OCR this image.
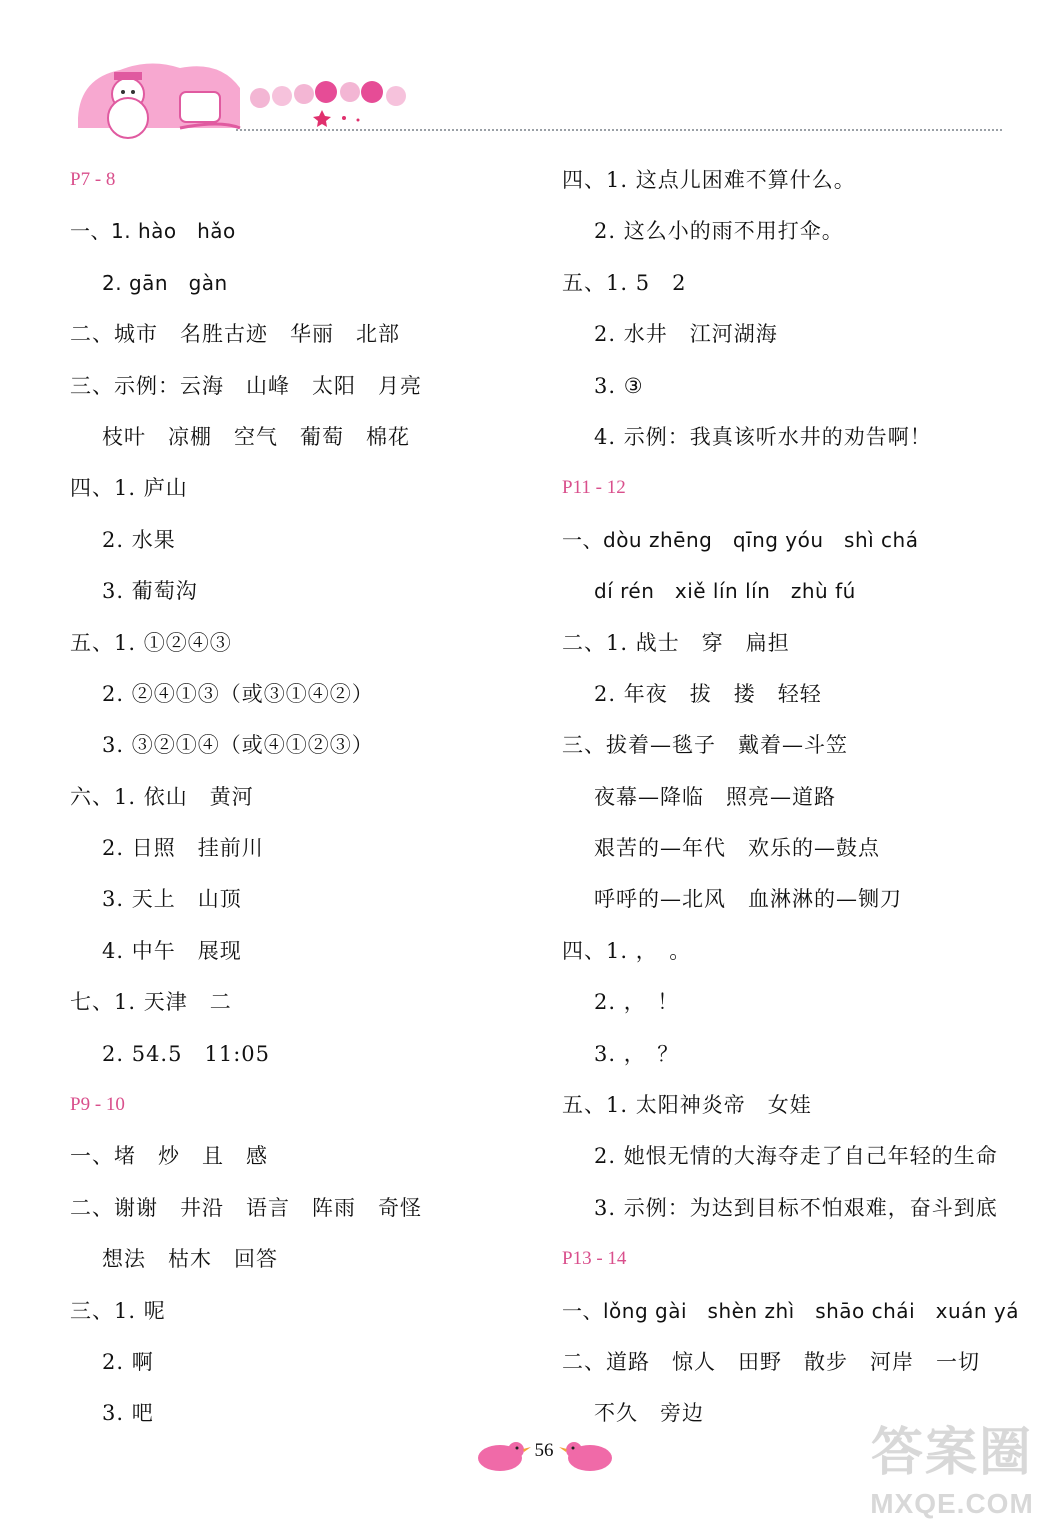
P7 - 8
一、1. hào　hǎo
2. gān　gàn
二、城市　名胜古迹　华丽　北部
三、示例：云海　山峰　太阳　月亮
枝叶　凉棚　空气　葡萄　棉花
四、1. 庐山
2. 水果
3. 葡萄沟
五、1. ①②④③
2. ②④①③（或③①④②）
3. ③②①④（或④①②③）
六、1. 依山　黄河
2. 日照　挂前川
3. 天上　山顶
4. 中午　展现
七、1. 天津　二
2. 54.5　11:05
P9 - 10
一、堵　炒　且　感
二、谢谢　井沿　语言　阵雨　奇怪
想法　枯木　回答
三、1. 呢
2. 啊
3. 吧
四、1. 这点儿困难不算什么。
2. 这么小的雨不用打伞。
五、1. 5　2
2. 水井　江河湖海
3. ③
4. 示例：我真该听水井的劝告啊！
P11 - 12
一、dòu zhēng　qīng yóu　shì chá
dí rén　xiě lín lín　zhù fú
二、1. 战士　穿　扁担
2. 年夜　拔　搂　轻轻
三、拔着—毯子　戴着—斗笠
夜幕—降临　照亮—道路
艰苦的—年代　欢乐的—鼓点
呼呼的—北风　血淋淋的—铡刀
四、1. ，　。
2. ，　！
3. ，　？
五、1. 太阳神炎帝　女娃
2. 她恨无情的大海夺走了自己年轻的生命
3. 示例：为达到目标不怕艰难，奋斗到底
P13 - 14
一、lǒng gài　shèn zhì　shāo chái　xuán yá
二、道路　惊人　田野　散步　河岸　一切
不久　旁边
56	答案圈
MXQE.COM
